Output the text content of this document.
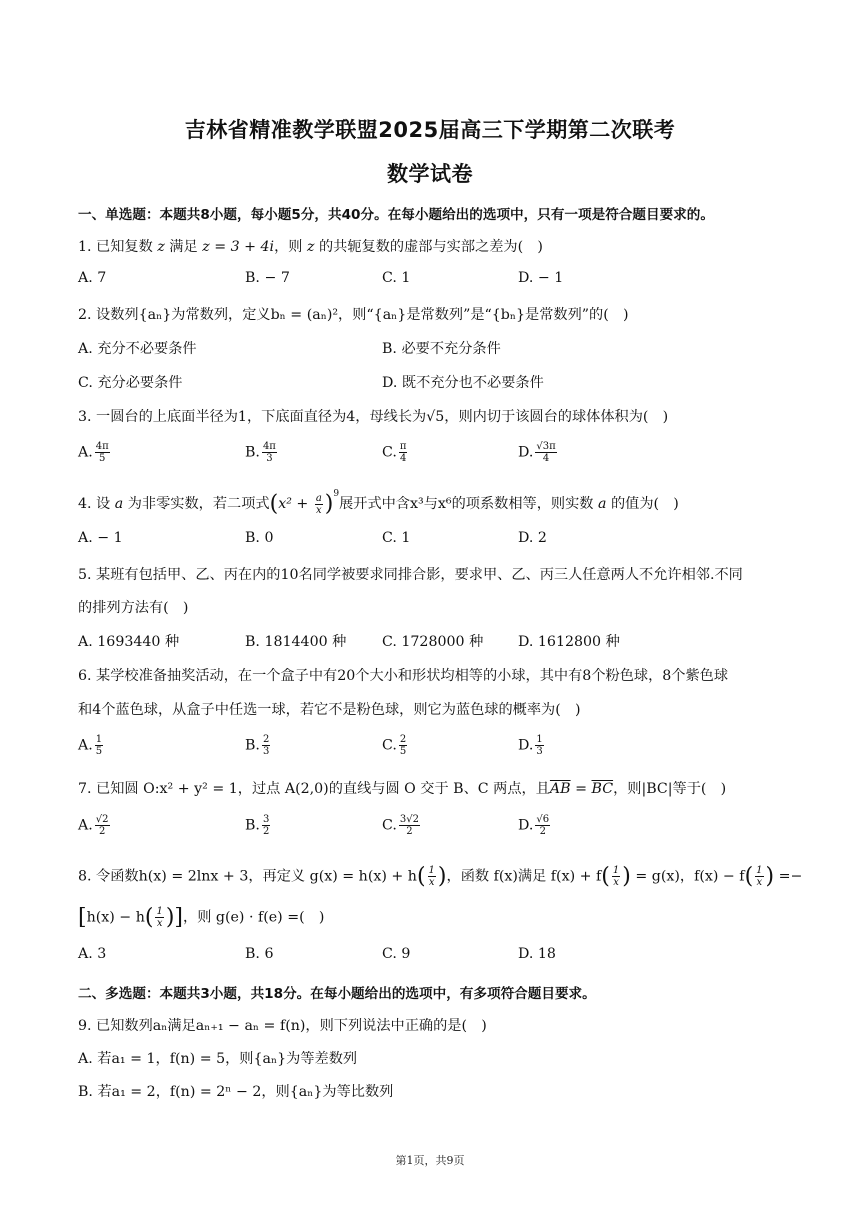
吉林省精准教学联盟2025届高三下学期第二次联考
数学试卷
一、单选题：本题共8小题，每小题5分，共40分。在每小题给出的选项中，只有一项是符合题目要求的。
1. 已知复数 z 满足 z = 3 + 4i，则 z 的共轭复数的虚部与实部之差为(　)
A. 7	B. − 7	C. 1	D. − 1
2. 设数列{aₙ}为常数列，定义bₙ = (aₙ)²，则“{aₙ}是常数列”是“{bₙ}是常数列”的(　)
A. 充分不必要条件	B. 必要不充分条件
C. 充分必要条件	D. 既不充分也不必要条件
3. 一圆台的上底面半径为1，下底面直径为4，母线长为√5，则内切于该圆台的球体体积为(　)
A. $\frac{4\pi}{5}$	B. $\frac{4\pi}{3}$	C. $\frac{\pi}{4}$	D. $\frac{√3\pi}{4}$
4. 设 a 为非零实数，若二项式$(x^2 + \frac{a}{x} )^9$展开式中含x³与x⁶的项系数相等，则实数 a 的值为(　)
A. − 1	B. 0	C. 1	D. 2
5. 某班有包括甲、乙、丙在内的10名同学被要求同排合影，要求甲、乙、丙三人任意两人不允许相邻.不同
的排列方法有(　)
A. 1693440 种	B. 1814400 种	C. 1728000 种 D. 1612800 种
6. 某学校准备抽奖活动，在一个盒子中有20个大小和形状均相等的小球，其中有8个粉色球，8个紫色球
和4个蓝色球，从盒子中任选一球，若它不是粉色球，则它为蓝色球的概率为(　)
A. $\frac{1}{5}$	B. $\frac{2}{3}$	C. $\frac{2}{5}$	D. $\frac{1}{3}$
7. 已知圆 O:x² + y² = 1，过点 A(2,0)的直线与圆 O 交于 B、C 两点，且$\overline{AB} = \overline{BC}$，则|BC|等于(　)
A. $\frac{√2}{2}$	B. $\frac{3}{2}$	C. $\frac{3√2}{2}$	D. $\frac{√6}{2}$
8. 令函数h(x) = 2lnx + 3，再定义 $g(x) = h(x) + h( \frac{1}{x}$ )，函数 f(x)满足 $f(x) + f( \frac{1}{x}$ ) = g(x)，$f(x) - f( \frac{1}{x}$ ) =−
[$h(x) - h( \frac{1}{x}$ )]，则 g(e) · f(e) =(　)
A. 3	B. 6	C. 9	D. 18
二、多选题：本题共3小题，共18分。在每小题给出的选项中，有多项符合题目要求。
9. 已知数列aₙ满足aₙ₊₁ − aₙ = f(n)，则下列说法中正确的是(　)
A. 若a₁ = 1，f(n) = 5，则{aₙ}为等差数列
B. 若a₁ = 2，f(n) = 2ⁿ − 2，则{aₙ}为等比数列
第1页，共9页
